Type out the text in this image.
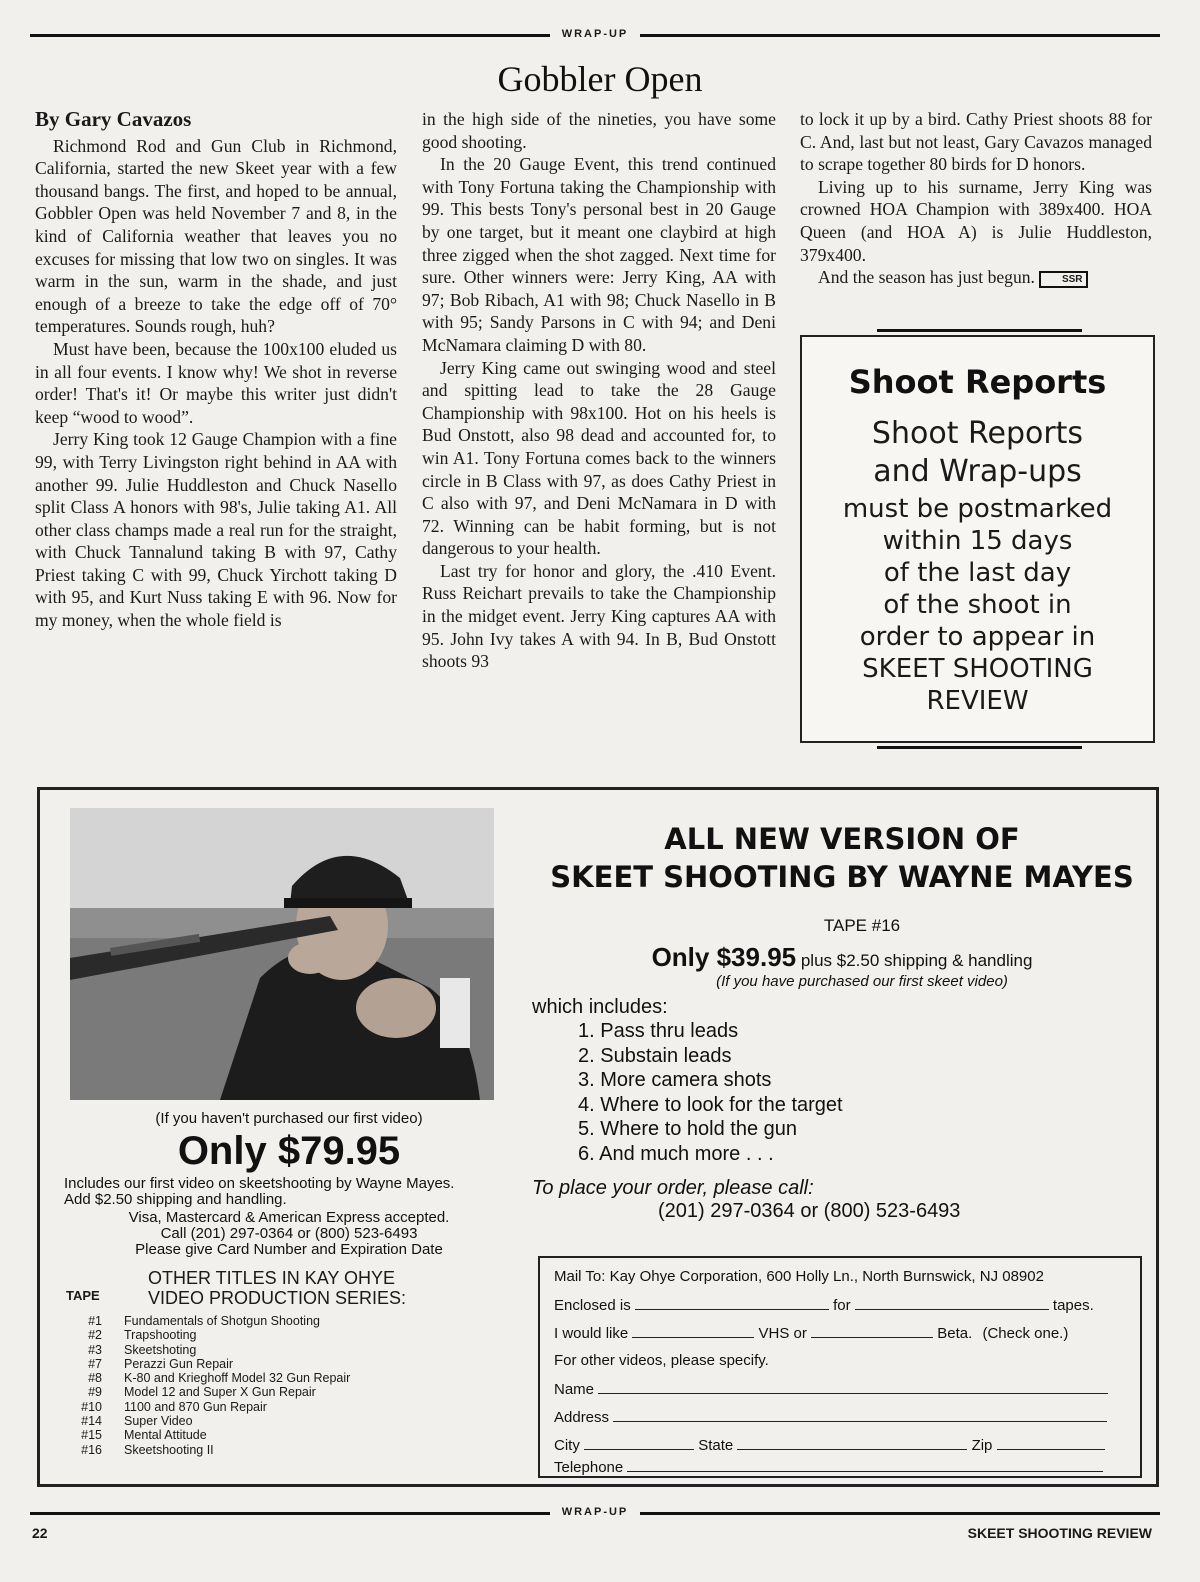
WRAP-UP
Gobbler Open

By Gary Cavazos

Richmond Rod and Gun Club in Richmond, California, started the new Skeet year with a few thousand bangs. The first, and hoped to be annual, Gobbler Open was held November 7 and 8, in the kind of California weather that leaves you no excuses for missing that low two on singles. It was warm in the sun, warm in the shade, and just enough of a breeze to take the edge off of 70° temperatures. Sounds rough, huh?

Must have been, because the 100x100 eluded us in all four events. I know why! We shot in reverse order! That's it! Or maybe this writer just didn't keep “wood to wood”.

Jerry King took 12 Gauge Champion with a fine 99, with Terry Livingston right behind in AA with another 99. Julie Huddleston and Chuck Nasello split Class A honors with 98's, Julie taking A1. All other class champs made a real run for the straight, with Chuck Tannalund taking B with 97, Cathy Priest taking C with 99, Chuck Yirchott taking D with 95, and Kurt Nuss taking E with 96. Now for my money, when the whole field is

in the high side of the nineties, you have some good shooting.

In the 20 Gauge Event, this trend continued with Tony Fortuna taking the Championship with 99. This bests Tony's personal best in 20 Gauge by one target, but it meant one claybird at high three zigged when the shot zagged. Next time for sure. Other winners were: Jerry King, AA with 97; Bob Ribach, A1 with 98; Chuck Nasello in B with 95; Sandy Parsons in C with 94; and Deni McNamara claiming D with 80.

Jerry King came out swinging wood and steel and spitting lead to take the 28 Gauge Championship with 98x100. Hot on his heels is Bud Onstott, also 98 dead and accounted for, to win A1. Tony Fortuna comes back to the winners circle in B Class with 97, as does Cathy Priest in C also with 97, and Deni McNamara in D with 72. Winning can be habit forming, but is not dangerous to your health.

Last try for honor and glory, the .410 Event. Russ Reichart prevails to take the Championship in the midget event. Jerry King captures AA with 95. John Ivy takes A with 94. In B, Bud Onstott shoots 93

to lock it up by a bird. Cathy Priest shoots 88 for C. And, last but not least, Gary Cavazos managed to scrape together 80 birds for D honors.

Living up to his surname, Jerry King was crowned HOA Champion with 389x400. HOA Queen (and HOA A) is Julie Huddleston, 379x400.

And the season has just begun.	SSR

Shoot Reports
Shoot Reports
and Wrap-ups
must be postmarked
within 15 days
of the last day
of the shoot in
order to appear in
SKEET SHOOTING
REVIEW
(If you haven't purchased our first video)
Only $79.95
Includes our first video on skeetshooting by Wayne Mayes.
Add $2.50 shipping and handling.
Visa, Mastercard & American Express accepted.
Call (201) 297-0364 or (800) 523-6493
Please give Card Number and Expiration Date
OTHER TITLES IN KAY OHYE
VIDEO PRODUCTION SERIES:
TAPE
#1 Fundamentals of Shotgun Shooting
#2 Trapshooting
#3 Skeetshoting
#7 Perazzi Gun Repair
#8 K-80 and Krieghoff Model 32 Gun Repair
#9 Model 12 and Super X Gun Repair
#10 1100 and 870 Gun Repair
#14 Super Video
#15 Mental Attitude
#16 Skeetshooting II
ALL NEW VERSION OF
SKEET SHOOTING BY WAYNE MAYES
TAPE #16
Only $39.95 plus $2.50 shipping & handling
(If you have purchased our first skeet video)
which includes:
1. Pass thru leads
2. Substain leads
3. More camera shots
4. Where to look for the target
5. Where to hold the gun
6. And much more . . .
To place your order, please call:
(201) 297-0364 or (800) 523-6493
Mail To: Kay Ohye Corporation, 600 Holly Ln., North Burnswick, NJ 08902
Enclosed is	for	tapes.
I would like	VHS or	Beta. (Check one.)
For other videos, please specify.
Name
Address
City	State	Zip
Telephone
WRAP-UP
22	SKEET SHOOTING REVIEW
